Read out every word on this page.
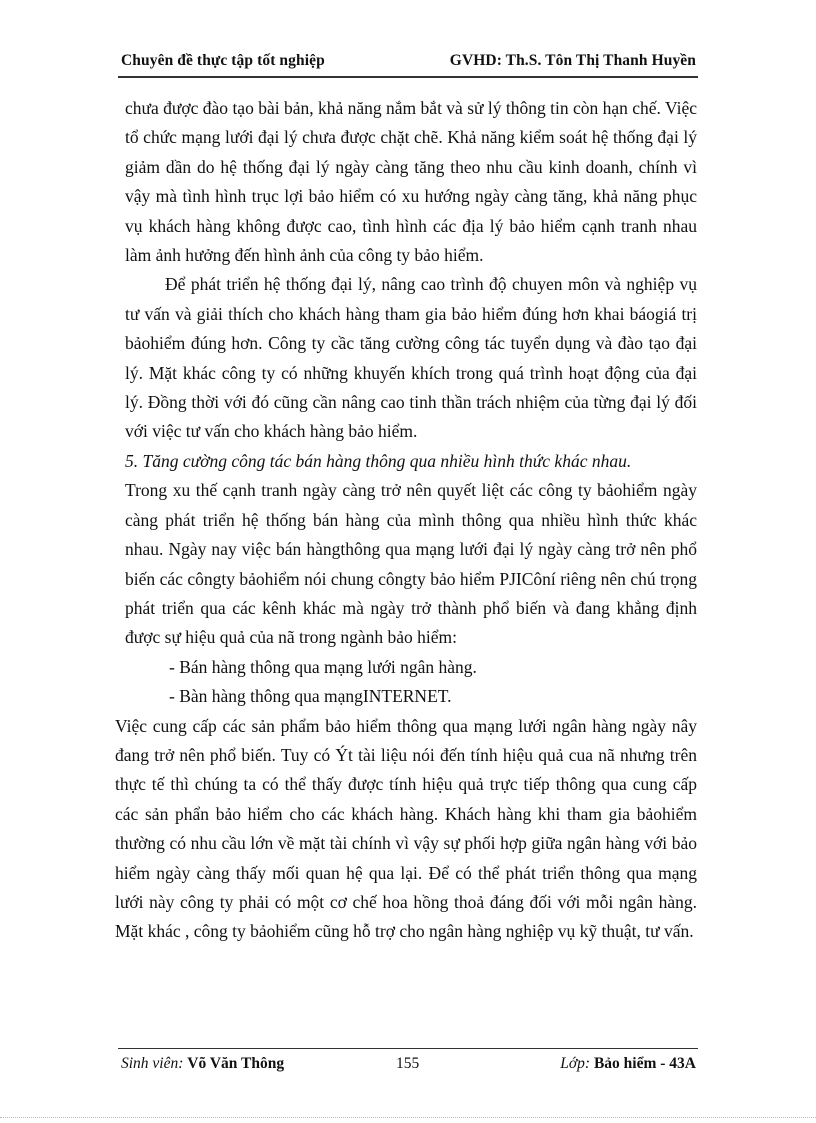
Chuyên đề thực tập tốt nghiệp	GVHD: Th.S. Tôn Thị Thanh Huyền

chưa được đào tạo bài bản, khả năng nắm bắt và sử lý thông tin còn hạn chế. Việc tổ chức mạng lưới đại lý chưa được chặt chẽ. Khả năng kiểm soát hệ thống đại lý giảm dần do hệ thống đại lý ngày càng tăng theo nhu cầu kinh doanh, chính vì vậy mà tình hình trục lợi bảo hiểm có xu hướng ngày càng tăng, khả năng phục vụ khách hàng không được cao, tình hình các địa lý bảo hiểm cạnh tranh nhau làm ảnh hưởng đến hình ảnh của công ty bảo hiểm.

Để phát triển hệ thống đại lý, nâng cao trình độ chuyen môn và nghiệp vụ tư vấn và giải thích cho khách hàng tham gia bảo hiểm đúng hơn khai báogiá trị bảohiểm đúng hơn. Công ty cầc tăng cường công tác tuyển dụng và đào tạo đại lý. Mặt khác công ty có những khuyến khích trong quá trình hoạt động của đại lý. Đồng thời với đó cũng cần nâng cao tinh thần trách nhiệm của từng đại lý đối với việc tư vấn cho khách hàng bảo hiểm.

5. Tăng cường công tác bán hàng thông qua nhiều hình thức khác nhau.

Trong xu thế cạnh tranh ngày càng trở nên quyết liệt các công ty bảohiểm ngày càng phát triển hệ thống bán hàng của mình thông qua nhiều hình thức khác nhau. Ngày nay việc bán hàngthông qua mạng lưới đại lý ngày càng trở nên phổ biến các côngty bảohiểm nói chung côngty bảo hiểm PJICôní riêng nên chú trọng phát triển qua các kênh khác mà ngày trở thành phổ biến và đang khẳng định được sự hiệu quả của nã trong ngành bảo hiểm:

- Bán hàng thông qua mạng lưới ngân hàng.

- Bàn hàng thông qua mạngINTERNET.

Việc cung cấp các sản phẩm bảo hiểm thông qua mạng lưới ngân hàng ngày nây đang trở nên phổ biến. Tuy có Ýt tài liệu nói đến tính hiệu quả cua nã nhưng trên thực tế thì chúng ta có thể thấy được tính hiệu quả trực tiếp thông qua cung cấp các sản phẩn bảo hiểm cho các khách hàng. Khách hàng khi tham gia bảohiểm thường có nhu cầu lớn về mặt tài chính vì vậy sự phối hợp giữa ngân hàng với bảo hiểm ngày càng thấy mối quan hệ qua lại. Để có thể phát triển thông qua mạng lưới này công ty phải có một cơ chế hoa hồng thoả đáng đối với mỗi ngân hàng. Mặt khác , công ty bảohiểm cũng hỗ trợ cho ngân hàng nghiệp vụ kỹ thuật, tư vấn.

Sinh viên: Võ Văn Thông	155	Lớp: Bảo hiểm - 43A
